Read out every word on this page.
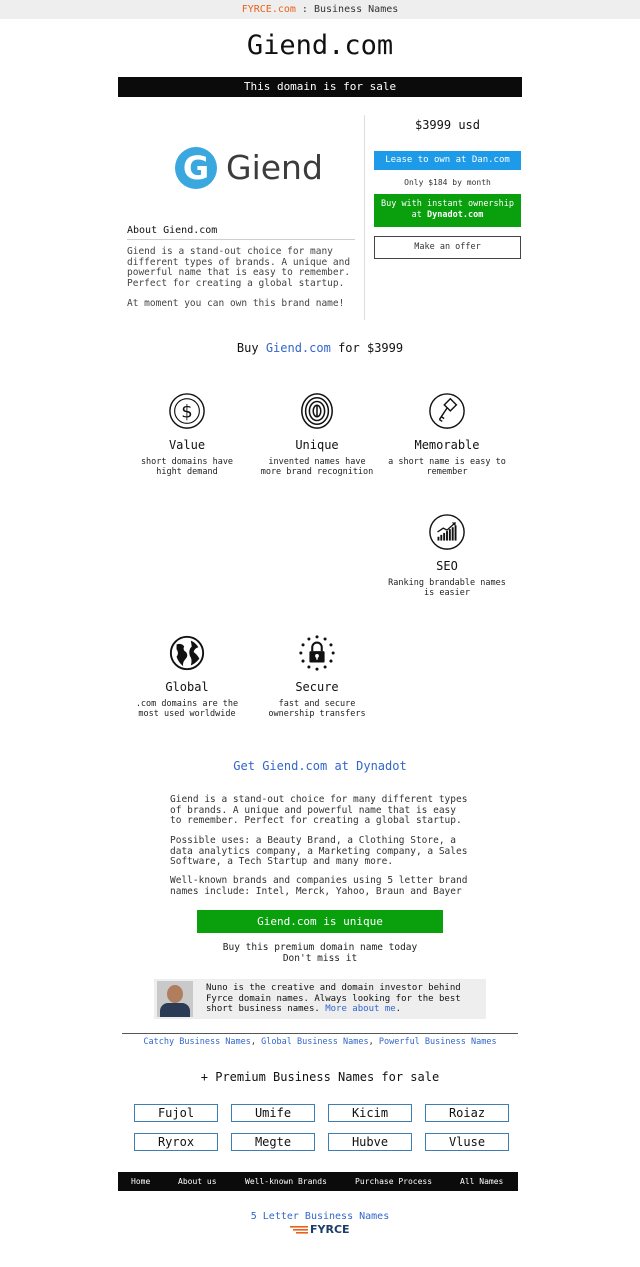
FYRCE.com : Business Names
Giend.com
This domain is for sale
G Giend
About Giend.com
Giend is a stand-out choice for many different types of brands. A unique and powerful name that is easy to remember. Perfect for creating a global startup.
At moment you can own this brand name!
$3999 usd
Lease to own at Dan.com
Only $184 by month
Buy with instant ownership
at Dynadot.com
Make an offer
Buy Giend.com for $3999
$
Value
short domains have hight demand
Unique
invented names have more brand recognition
Memorable
a short name is easy to remember
SEO
Ranking brandable names is easier
Global
.com domains are the most used worldwide
Secure
fast and secure ownership transfers
Get Giend.com at Dynadot
Giend is a stand-out choice for many different types of brands. A unique and powerful name that is easy to remember. Perfect for creating a global startup.
Possible uses: a Beauty Brand, a Clothing Store, a data analytics company, a Marketing company, a Sales Software, a Tech Startup and many more.
Well-known brands and companies using 5 letter brand names include: Intel, Merck, Yahoo, Braun and Bayer
Giend.com is unique
Buy this premium domain name today
Don't miss it
Nuno is the creative and domain investor behind Fyrce domain names. Always looking for the best short business names. More about me.
Catchy Business Names, Global Business Names, Powerful Business Names
+ Premium Business Names for sale
Fujol	Umife	Kicim	Roiaz
Ryrox	Megte	Hubve	Vluse
Home	About us	Well-known Brands	Purchase Process	All Names
5 Letter Business Names
FYRCE
